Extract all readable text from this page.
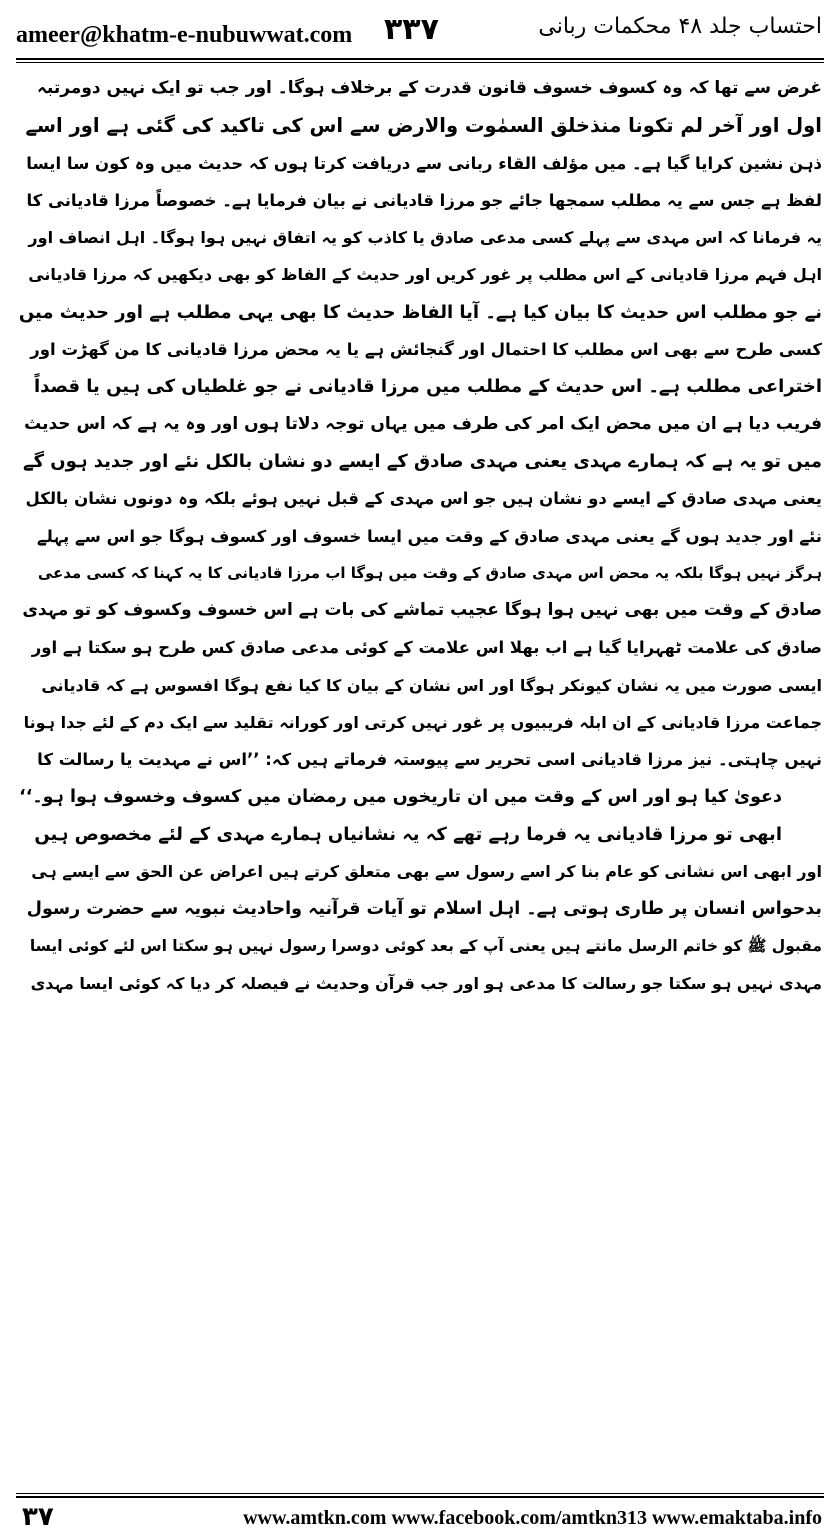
ameer@khatm-e-nubuwwat.com ۳۳۷	احتساب جلد ۴۸ محکمات ربانی
غرض سے تھا کہ وہ کسوف خسوف قانون قدرت کے برخلاف ہوگا۔ اور جب تو ایک نہیں دومرتبہ
اول اور آخر لم تکونا منذخلق السمٰوت والارض سے اس کی تاکید کی گئی ہے اور اسے
ذہن نشین کرایا گیا ہے۔ میں مؤلف القاء ربانی سے دریافت کرتا ہوں کہ حدیث میں وہ کون سا ایسا
لفظ ہے جس سے یہ مطلب سمجھا جائے جو مرزا قادیانی نے بیان فرمایا ہے۔ خصوصاً مرزا قادیانی کا
یہ فرمانا کہ اس مہدی سے پہلے کسی مدعی صادق یا کاذب کو یہ اتفاق نہیں ہوا ہوگا۔ اہل انصاف اور
اہل فہم مرزا قادیانی کے اس مطلب پر غور کریں اور حدیث کے الفاظ کو بھی دیکھیں کہ مرزا قادیانی
نے جو مطلب اس حدیث کا بیان کیا ہے۔ آیا الفاظ حدیث کا بھی یہی مطلب ہے اور حدیث میں
کسی طرح سے بھی اس مطلب کا احتمال اور گنجائش ہے یا یہ محض مرزا قادیانی کا من گھڑت اور
اختراعی مطلب ہے۔ اس حدیث کے مطلب میں مرزا قادیانی نے جو غلطیاں کی ہیں یا قصداً
فریب دیا ہے ان میں محض ایک امر کی طرف میں یہاں توجہ دلاتا ہوں اور وہ یہ ہے کہ اس حدیث
میں تو یہ ہے کہ ہمارے مہدی یعنی مہدی صادق کے ایسے دو نشان بالکل نئے اور جدید ہوں گے
یعنی مہدی صادق کے ایسے دو نشان ہیں جو اس مہدی کے قبل نہیں ہوئے بلکہ وہ دونوں نشان بالکل
نئے اور جدید ہوں گے یعنی مہدی صادق کے وقت میں ایسا خسوف اور کسوف ہوگا جو اس سے پہلے
ہرگز نہیں ہوگا بلکہ یہ محض اس مہدی صادق کے وقت میں ہوگا اب مرزا قادیانی کا یہ کہنا کہ کسی مدعی
صادق کے وقت میں بھی نہیں ہوا ہوگا عجیب تماشے کی بات ہے اس خسوف وکسوف کو تو مہدی
صادق کی علامت ٹھہرایا گیا ہے اب بھلا اس علامت کے کوئی مدعی صادق کس طرح ہو سکتا ہے اور
ایسی صورت میں یہ نشان کیونکر ہوگا اور اس نشان کے بیان کا کیا نفع ہوگا افسوس ہے کہ قادیانی
جماعت مرزا قادیانی کے ان ابلہ فریبیوں پر غور نہیں کرتی اور کورانہ تقلید سے ایک دم کے لئے جدا ہونا
نہیں چاہتی۔ نیز مرزا قادیانی اسی تحریر سے پیوستہ فرماتے ہیں کہ: ’’اس نے مہدیت یا رسالت کا
دعویٰ کیا ہو اور اس کے وقت میں ان تاریخوں میں رمضان میں کسوف وخسوف ہوا ہو۔‘‘
ابھی تو مرزا قادیانی یہ فرما رہے تھے کہ یہ نشانیاں ہمارے مہدی کے لئے مخصوص ہیں
اور ابھی اس نشانی کو عام بنا کر اسے رسول سے بھی متعلق کرتے ہیں اعراض عن الحق سے ایسے ہی
بدحواس انسان پر طاری ہوتی ہے۔ اہل اسلام تو آیات قرآنیہ واحادیث نبویہ سے حضرت رسول
مقبول ﷺ کو خاتم الرسل مانتے ہیں یعنی آپ کے بعد کوئی دوسرا رسول نہیں ہو سکتا اس لئے کوئی ایسا
مہدی نہیں ہو سکتا جو رسالت کا مدعی ہو اور جب قرآن وحدیث نے فیصلہ کر دیا کہ کوئی ایسا مہدی
۳۷	www.amtkn.com www.facebook.com/amtkn313 www.emaktaba.info
